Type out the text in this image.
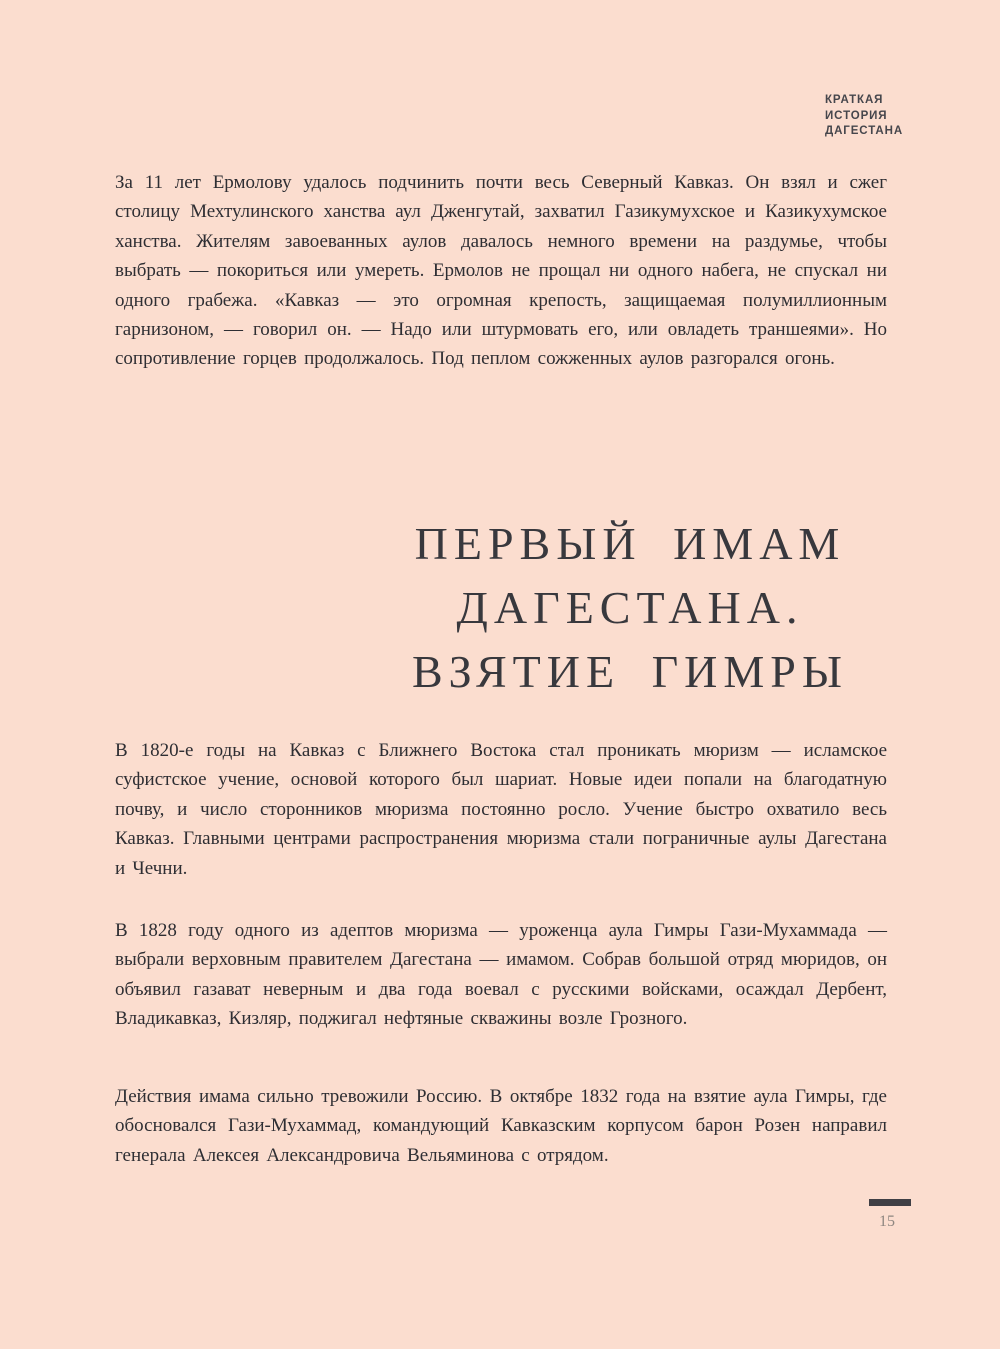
КРАТКАЯ
ИСТОРИЯ
ДАГЕСТАНА

За 11 лет Ермолову удалось подчинить почти весь Северный Кавказ. Он взял и сжег столицу Мехтулинского ханства аул Дженгутай, захватил Газикумухское и Казикухумское ханства. Жителям завоеванных аулов давалось немного времени на раздумье, чтобы выбрать — покориться или умереть. Ермолов не прощал ни одного набега, не спускал ни одного грабежа. «Кавказ — это огромная крепость, защищаемая полумиллионным гарнизоном, — говорил он. — Надо или штурмовать его, или овладеть траншеями». Но сопротивление горцев продолжалось. Под пеплом сожженных аулов разгорался огонь.

ПЕРВЫЙ ИМАМ
ДАГЕСТАНА.
ВЗЯТИЕ ГИМРЫ

В 1820-е годы на Кавказ с Ближнего Востока стал проникать мюризм — исламское суфистское учение, основой которого был шариат. Новые идеи попали на благодатную почву, и число сторонников мюризма постоянно росло. Учение быстро охватило весь Кавказ. Главными центрами распространения мюризма стали пограничные аулы Дагестана и Чечни.

В 1828 году одного из адептов мюризма — уроженца аула Гимры Гази-Мухаммада — выбрали верховным правителем Дагестана — имамом. Собрав большой отряд мюридов, он объявил газават неверным и два года воевал с русскими войсками, осаждал Дербент, Владикавказ, Кизляр, поджигал нефтяные скважины возле Грозного.

Действия имама сильно тревожили Россию. В октябре 1832 года на взятие аула Гимры, где обосновался Гази-Мухаммад, командующий Кавказским корпусом барон Розен направил генерала Алексея Александровича Вельяминова с отрядом.

15
